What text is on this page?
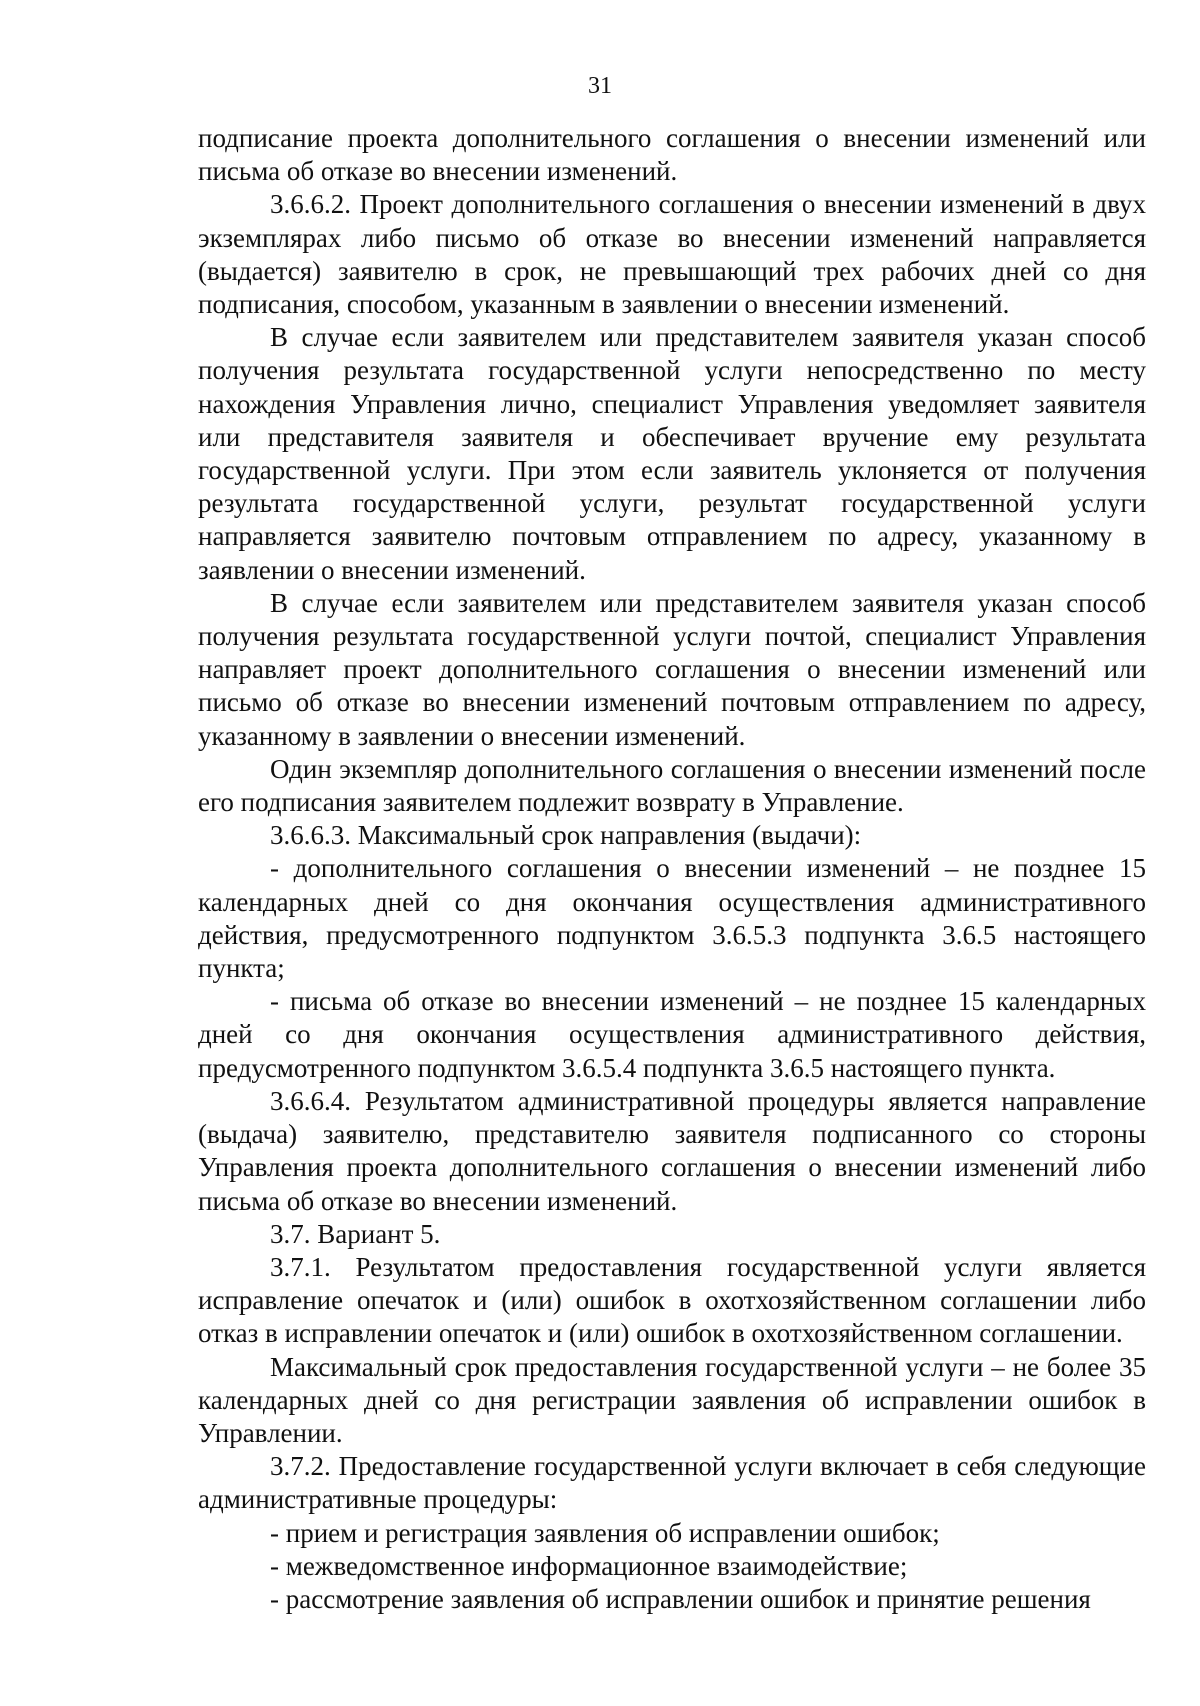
31

подписание проекта дополнительного соглашения о внесении изменений или письма об отказе во внесении изменений.

3.6.6.2. Проект дополнительного соглашения о внесении изменений в двух экземплярах либо письмо об отказе во внесении изменений направляется (выдается) заявителю в срок, не превышающий трех рабочих дней со дня подписания, способом, указанным в заявлении о внесении изменений.

В случае если заявителем или представителем заявителя указан способ получения результата государственной услуги непосредственно по месту нахождения Управления лично, специалист Управления уведомляет заявителя или представителя заявителя и обеспечивает вручение ему результата государственной услуги. При этом если заявитель уклоняется от получения результата государственной услуги, результат государственной услуги направляется заявителю почтовым отправлением по адресу, указанному в заявлении о внесении изменений.

В случае если заявителем или представителем заявителя указан способ получения результата государственной услуги почтой, специалист Управления направляет проект дополнительного соглашения о внесении изменений или письмо об отказе во внесении изменений почтовым отправлением по адресу, указанному в заявлении о внесении изменений.

Один экземпляр дополнительного соглашения о внесении изменений после его подписания заявителем подлежит возврату в Управление.

3.6.6.3. Максимальный срок направления (выдачи):

- дополнительного соглашения о внесении изменений – не позднее 15 календарных дней со дня окончания осуществления административного действия, предусмотренного подпунктом 3.6.5.3 подпункта 3.6.5 настоящего пункта;

- письма об отказе во внесении изменений – не позднее 15 календарных дней со дня окончания осуществления административного действия, предусмотренного подпунктом 3.6.5.4 подпункта 3.6.5 настоящего пункта.

3.6.6.4. Результатом административной процедуры является направление (выдача) заявителю, представителю заявителя подписанного со стороны Управления проекта дополнительного соглашения о внесении изменений либо письма об отказе во внесении изменений.

3.7. Вариант 5.

3.7.1. Результатом предоставления государственной услуги является исправление опечаток и (или) ошибок в охотхозяйственном соглашении либо отказ в исправлении опечаток и (или) ошибок в охотхозяйственном соглашении.

Максимальный срок предоставления государственной услуги – не более 35 календарных дней со дня регистрации заявления об исправлении ошибок в Управлении.

3.7.2. Предоставление государственной услуги включает в себя следующие административные процедуры:

- прием и регистрация заявления об исправлении ошибок;

- межведомственное информационное взаимодействие;

- рассмотрение заявления об исправлении ошибок и принятие решения
